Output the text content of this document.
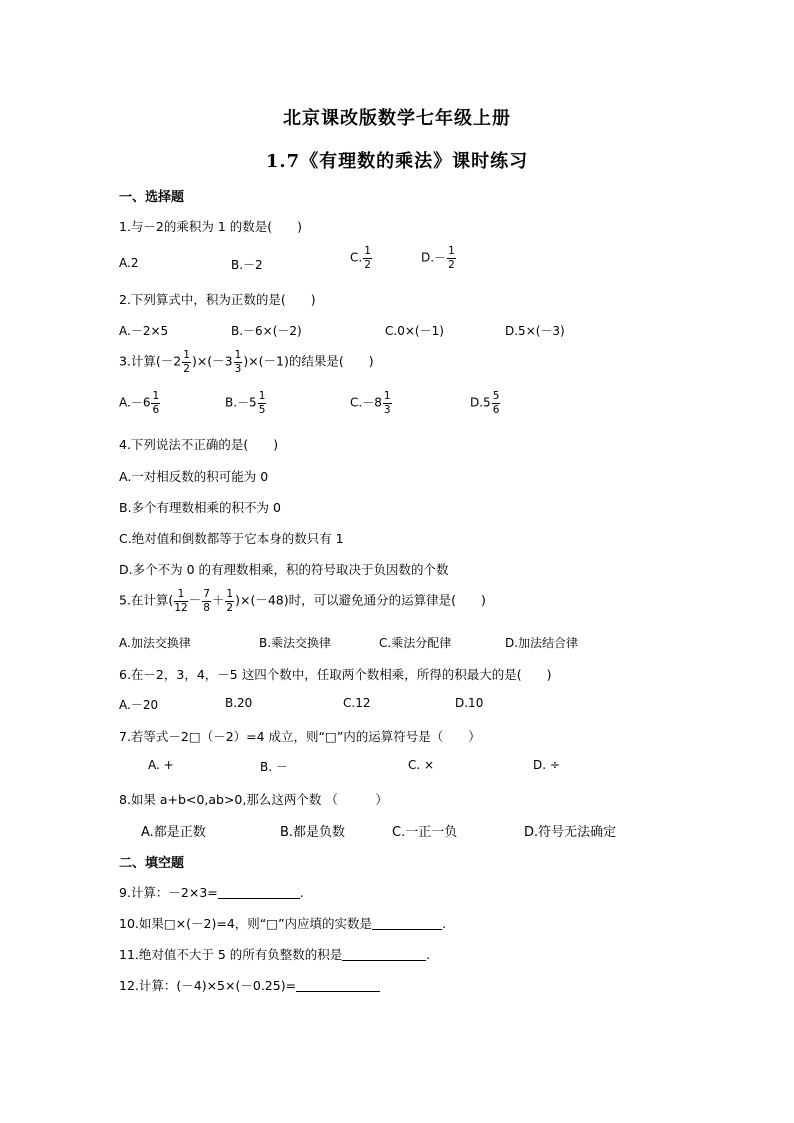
北京课改版数学七年级上册
1.7《有理数的乘法》课时练习
一、选择题
1.与－2的乘积为 1 的数是(　　)
A.2	B.－2
C. $\frac{1}{2}$	$D.- \frac{1}{2}$
2.下列算式中，积为正数的是(　　)
A.－2×5	B.－6×(－2)	C.0×(－1)	D.5×(－3)
3.计算$(-2 \frac{1}{2} )\times(-3 \frac{1}{3} )\times(-1)$的结果是(　　)
$A.-6 \frac{1}{6}$	$B.-5 \frac{1}{5}$	$C.-8 \frac{1}{3}$	$D.5 \frac{5}{6}$
4.下列说法不正确的是(　　)
A.一对相反数的积可能为 0
B.多个有理数相乘的积不为 0
C.绝对值和倒数都等于它本身的数只有 1
D.多个不为 0 的有理数相乘，积的符号取决于负因数的个数
5.在计算( $\frac{1}{12} - \frac{7}{8} + \frac{1}{2} )\times(-48)$时，可以避免通分的运算律是(　　)
A.加法交换律	B.乘法交换律	C.乘法分配律	D.加法结合律
6.在－2，3，4，－5 这四个数中，任取两个数相乘，所得的积最大的是(　　)
A.－20	B.20	C.12	D.10
7.若等式－2□（－2）=4 成立，则“□”内的运算符号是（　　）
A. +	B. －	C. ×	D. ÷
8.如果 a+b<0,ab>0,那么这两个数 （　　　）
A.都是正数	B.都是负数	C.一正一负	D.符号无法确定
二、填空题
9.计算：－2×3=	.
10.如果□×(－2)=4，则“□”内应填的实数是	.
11.绝对值不大于 5 的所有负整数的积是	.
12.计算：(－4)×5×(－0.25)=
